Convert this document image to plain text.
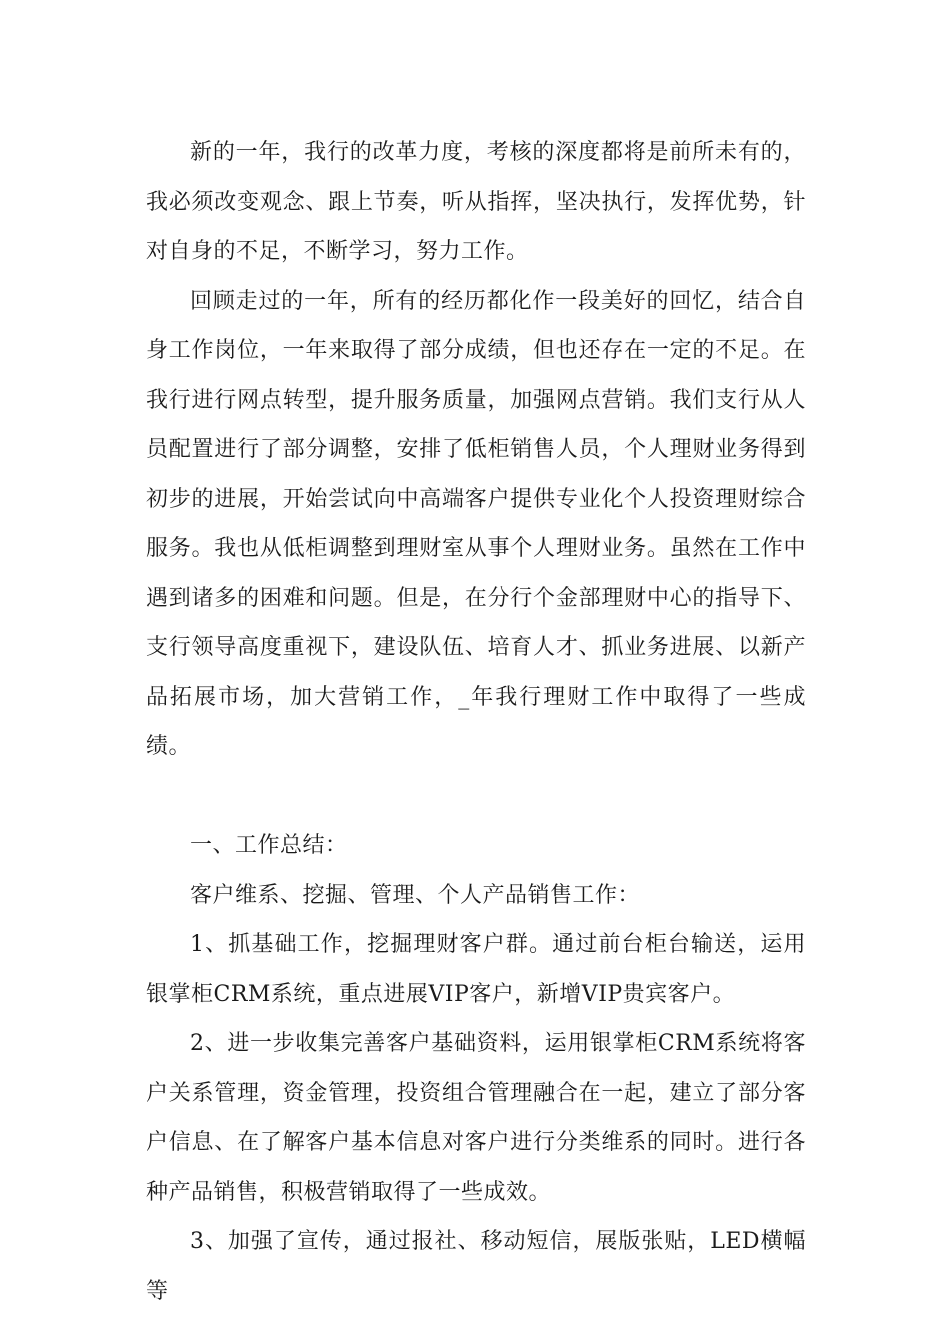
新的一年，我行的改革力度，考核的深度都将是前所未有的，我必须改变观念、跟上节奏，听从指挥，坚决执行，发挥优势，针对自身的不足，不断学习，努力工作。

回顾走过的一年，所有的经历都化作一段美好的回忆，结合自身工作岗位，一年来取得了部分成绩，但也还存在一定的不足。在我行进行网点转型，提升服务质量，加强网点营销。我们支行从人员配置进行了部分调整，安排了低柜销售人员，个人理财业务得到初步的进展，开始尝试向中高端客户提供专业化个人投资理财综合服务。我也从低柜调整到理财室从事个人理财业务。虽然在工作中遇到诸多的困难和问题。但是，在分行个金部理财中心的指导下、支行领导高度重视下，建设队伍、培育人才、抓业务进展、以新产品拓展市场，加大营销工作，_年我行理财工作中取得了一些成绩。

一、工作总结：

客户维系、挖掘、管理、个人产品销售工作：

1、抓基础工作，挖掘理财客户群。通过前台柜台输送，运用银掌柜CRM系统，重点进展VIP客户，新增VIP贵宾客户。

2、进一步收集完善客户基础资料，运用银掌柜CRM系统将客户关系管理，资金管理，投资组合管理融合在一起，建立了部分客户信息、在了解客户基本信息对客户进行分类维系的同时。进行各种产品销售，积极营销取得了一些成效。

3、加强了宣传，通过报社、移动短信，展版张贴，LED横幅等
